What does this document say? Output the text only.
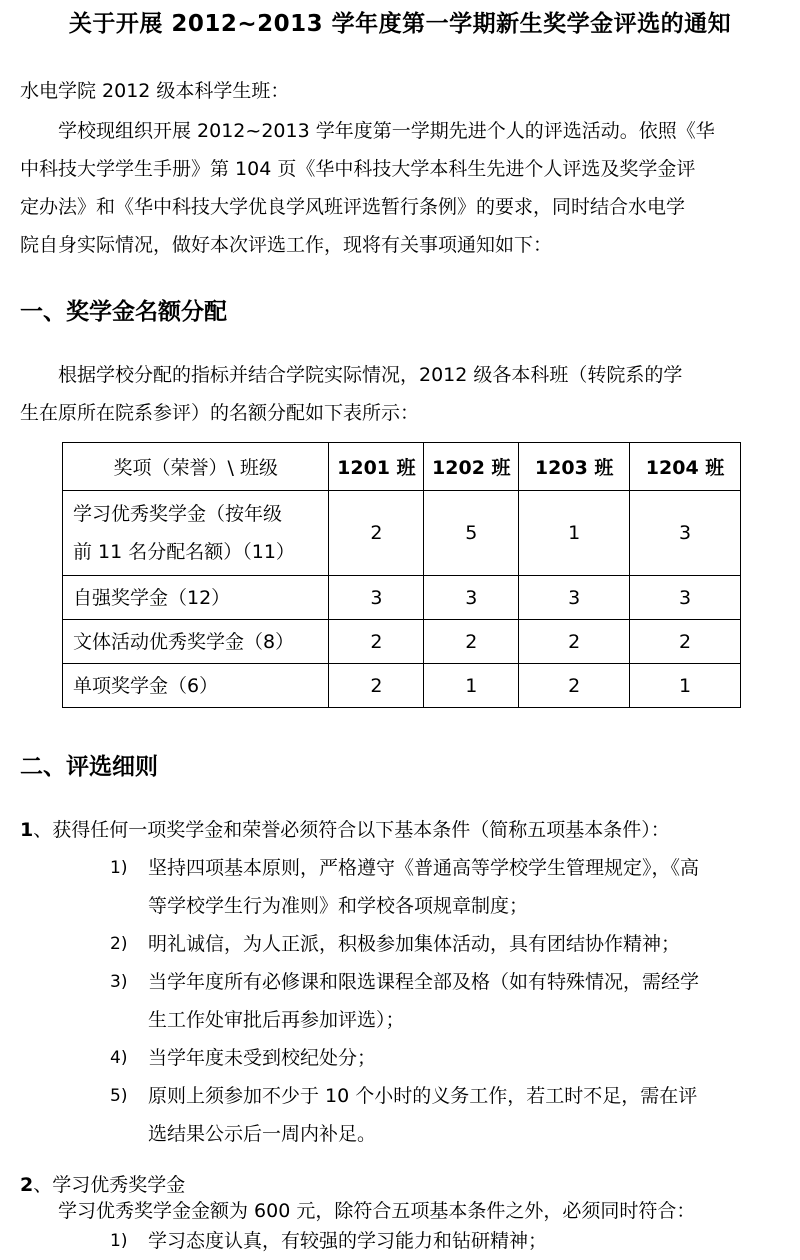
关于开展 2012~2013 学年度第一学期新生奖学金评选的通知
水电学院 2012 级本科学生班：
学校现组织开展 2012~2013 学年度第一学期先进个人的评选活动。依照《华
中科技大学学生手册》第 104 页《华中科技大学本科生先进个人评选及奖学金评
定办法》和《华中科技大学优良学风班评选暂行条例》的要求，同时结合水电学
院自身实际情况，做好本次评选工作，现将有关事项通知如下：
一、奖学金名额分配
根据学校分配的指标并结合学院实际情况，2012 级各本科班（转院系的学
生在原所在院系参评）的名额分配如下表所示：
奖项（荣誉）\ 班级	1201 班	1202 班	1203 班	1204 班

学习优秀奖学金（按年级
前 11 名分配名额）（11）	2	5	1	3
自强奖学金（12）	3	3	3	3
文体活动优秀奖学金（8）	2	2	2	2
单项奖学金（6）	2	1	2	1
二、评选细则
1、获得任何一项奖学金和荣誉必须符合以下基本条件（简称五项基本条件）：
1) 坚持四项基本原则，严格遵守《普通高等学校学生管理规定》，《高
等学校学生行为准则》和学校各项规章制度；
2) 明礼诚信，为人正派，积极参加集体活动，具有团结协作精神；
3) 当学年度所有必修课和限选课程全部及格（如有特殊情况，需经学
生工作处审批后再参加评选）；
4) 当学年度未受到校纪处分；
5) 原则上须参加不少于 10 个小时的义务工作，若工时不足，需在评
选结果公示后一周内补足。
2、学习优秀奖学金
学习优秀奖学金金额为 600 元，除符合五项基本条件之外，必须同时符合：
1) 学习态度认真，有较强的学习能力和钻研精神；
